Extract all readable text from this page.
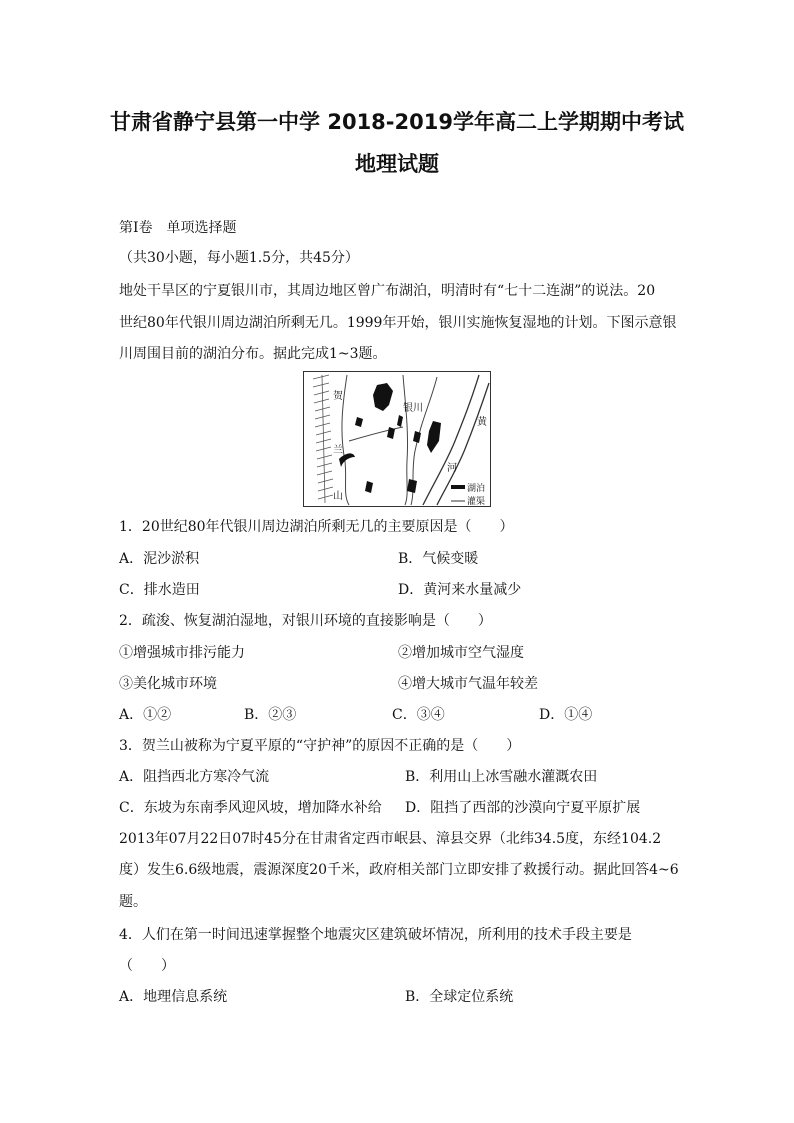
甘肃省静宁县第一中学 2018-2019学年高二上学期期中考试
地理试题
第Ⅰ卷　单项选择题
（共30小题，每小题1.5分，共45分）
地处干旱区的宁夏银川市，其周边地区曾广布湖泊，明清时有“七十二连湖”的说法。20
世纪80年代银川周边湖泊所剩无几。1999年开始，银川实施恢复湿地的计划。下图示意银
川周围目前的湖泊分布。据此完成1~3题。
贺
兰
山
银川
黄
河
湖泊
灌渠
1．20世纪80年代银川周边湖泊所剩无几的主要原因是（　　）
A．泥沙淤积	B．气候变暖
C．排水造田	D．黄河来水量减少
2．疏浚、恢复湖泊湿地，对银川环境的直接影响是（　　）
①增强城市排污能力	②增加城市空气湿度
③美化城市环境	④增大城市气温年较差
A．①②	B．②③	C．③④	D．①④
3．贺兰山被称为宁夏平原的“守护神”的原因不正确的是（　　）
A．阻挡西北方寒冷气流	B．利用山上冰雪融水灌溉农田
C．东坡为东南季风迎风坡，增加降水补给 D．阻挡了西部的沙漠向宁夏平原扩展
2013年07月22日07时45分在甘肃省定西市岷县、漳县交界（北纬34.5度，东经104.2
度）发生6.6级地震，震源深度20千米，政府相关部门立即安排了救援行动。据此回答4~6
题。
4．人们在第一时间迅速掌握整个地震灾区建筑破坏情况，所利用的技术手段主要是
（　　）
A．地理信息系统	B．全球定位系统
